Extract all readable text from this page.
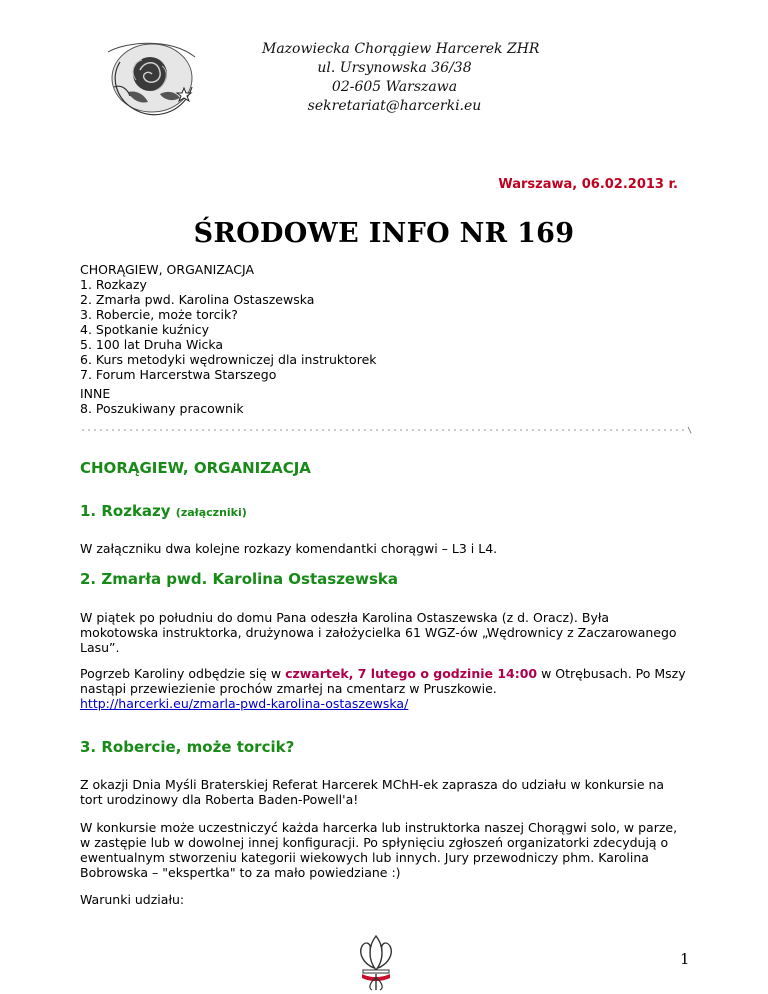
Mazowiecka Chorągiew Harcerek ZHR
ul. Ursynowska 36/38
02-605 Warszawa
sekretariat@harcerki.eu
Warszawa, 06.02.2013 r.
ŚRODOWE INFO NR 169
CHORĄGIEW, ORGANIZACJA
1. Rozkazy
2. Zmarła pwd. Karolina Ostaszewska
3. Robercie, może torcik?
4. Spotkanie kuźnicy
5. 100 lat Druha Wicka
6. Kurs metodyki wędrowniczej dla instruktorek
7. Forum Harcerstwa Starszego
INNE
8. Poszukiwany pracownik
CHORĄGIEW, ORGANIZACJA
1. Rozkazy (załączniki)
W załączniku dwa kolejne rozkazy komendantki chorągwi – L3 i L4.
2. Zmarła pwd. Karolina Ostaszewska
W piątek po południu do domu Pana odeszła Karolina Ostaszewska (z d. Oracz). Była mokotowska instruktorka, drużynowa i założycielka 61 WGZ-ów „Wędrownicy z Zaczarowanego Lasu”.
Pogrzeb Karoliny odbędzie się w czwartek, 7 lutego o godzinie 14:00 w Otrębusach. Po Mszy nastąpi przewiezienie prochów zmarłej na cmentarz w Pruszkowie.
http://harcerki.eu/zmarla-pwd-karolina-ostaszewska/
3. Robercie, może torcik?
Z okazji Dnia Myśli Braterskiej Referat Harcerek MChH-ek zaprasza do udziału w konkursie na tort urodzinowy dla Roberta Baden-Powell'a!
W konkursie może uczestniczyć każda harcerka lub instruktorka naszej Chorągwi solo, w parze, w zastępie lub w dowolnej innej konfiguracji. Po spłynięciu zgłoszeń organizatorki zdecydują o ewentualnym stworzeniu kategorii wiekowych lub innych. Jury przewodniczy phm. Karolina Bobrowska – "ekspertka" to za mało powiedziane :)
Warunki udziału:
1
